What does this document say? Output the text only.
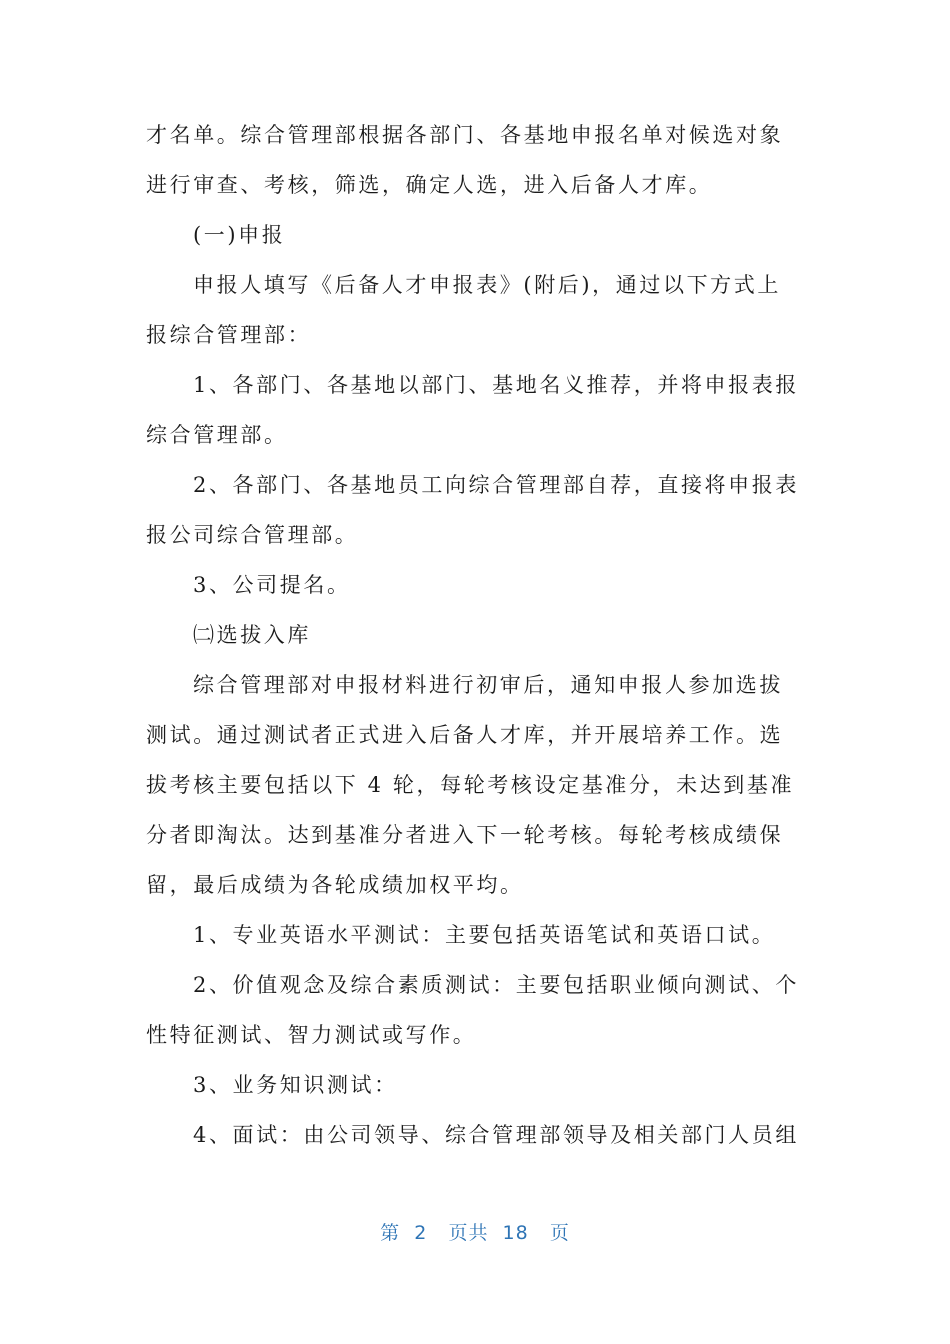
才名单。综合管理部根据各部门、各基地申报名单对候选对象
进行审查、考核，筛选，确定人选，进入后备人才库。
(一)申报
申报人填写《后备人才申报表》(附后)，通过以下方式上
报综合管理部：
1、各部门、各基地以部门、基地名义推荐，并将申报表报
综合管理部。
2、各部门、各基地员工向综合管理部自荐，直接将申报表
报公司综合管理部。
3、公司提名。
㈡选拔入库
综合管理部对申报材料进行初审后，通知申报人参加选拔
测试。通过测试者正式进入后备人才库，并开展培养工作。选
拔考核主要包括以下 4 轮，每轮考核设定基准分，未达到基准
分者即淘汰。达到基准分者进入下一轮考核。每轮考核成绩保
留，最后成绩为各轮成绩加权平均。
1、专业英语水平测试：主要包括英语笔试和英语口试。
2、价值观念及综合素质测试：主要包括职业倾向测试、个
性特征测试、智力测试或写作。
3、业务知识测试：
4、面试：由公司领导、综合管理部领导及相关部门人员组
第  2   页共  18   页
